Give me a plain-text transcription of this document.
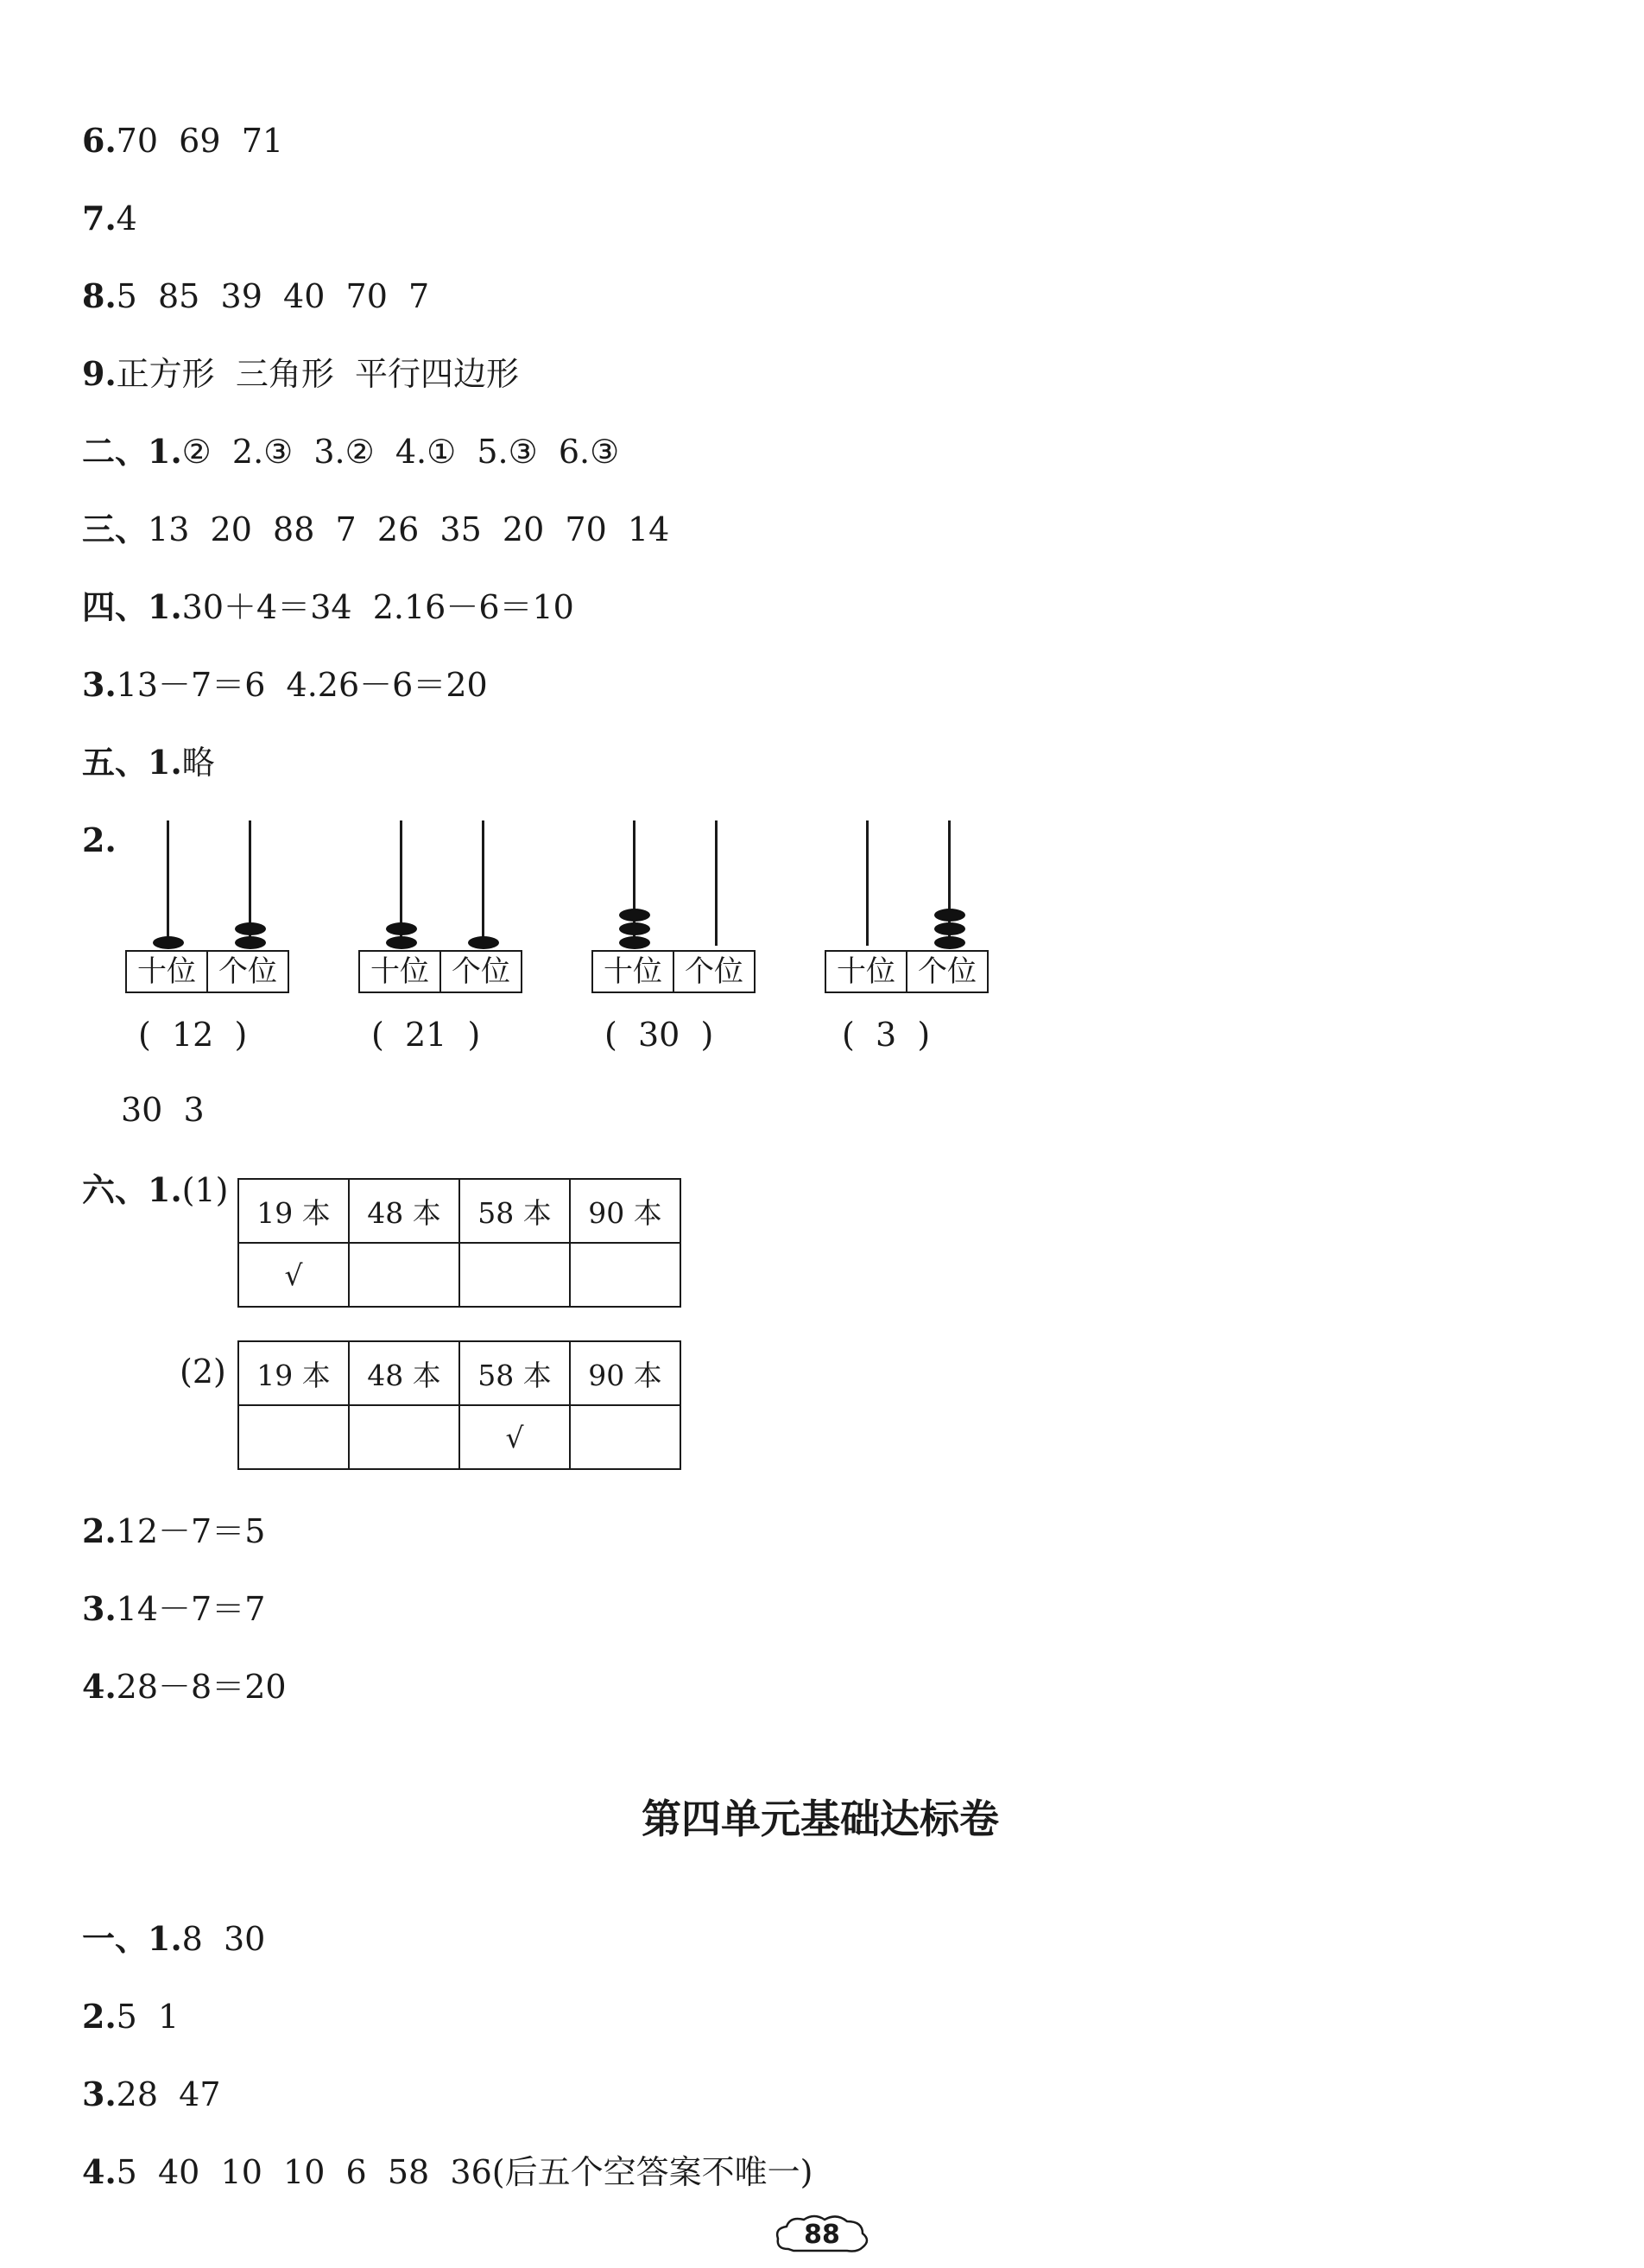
6.70  69  71
7.4
8.5  85  39  40  70  7
9.正方形  三角形  平行四边形
二、1.②  2.③  3.②  4.①  5.③  6.③
三、13  20  88  7  26  35  20  70  14
四、1.30＋4＝34  2.16－6＝10
3.13－7＝6  4.26－6＝20
五、1.略
2.
十位 个位	十位 个位	十位 个位	十位 个位
(  12  )	(  21  )	(  30  )	(  3  )
30  3
六、1.(1)
19 本	48 本	58 本	90 本
√			
(2) 19 本	48 本	58 本	90 本
		√	
2.12－7＝5
3.14－7＝7
4.28－8＝20
第四单元基础达标卷
一、1.8  30
2.5  1
3.28  47
4.5  40  10  10  6  58  36(后五个空答案不唯一)
88
